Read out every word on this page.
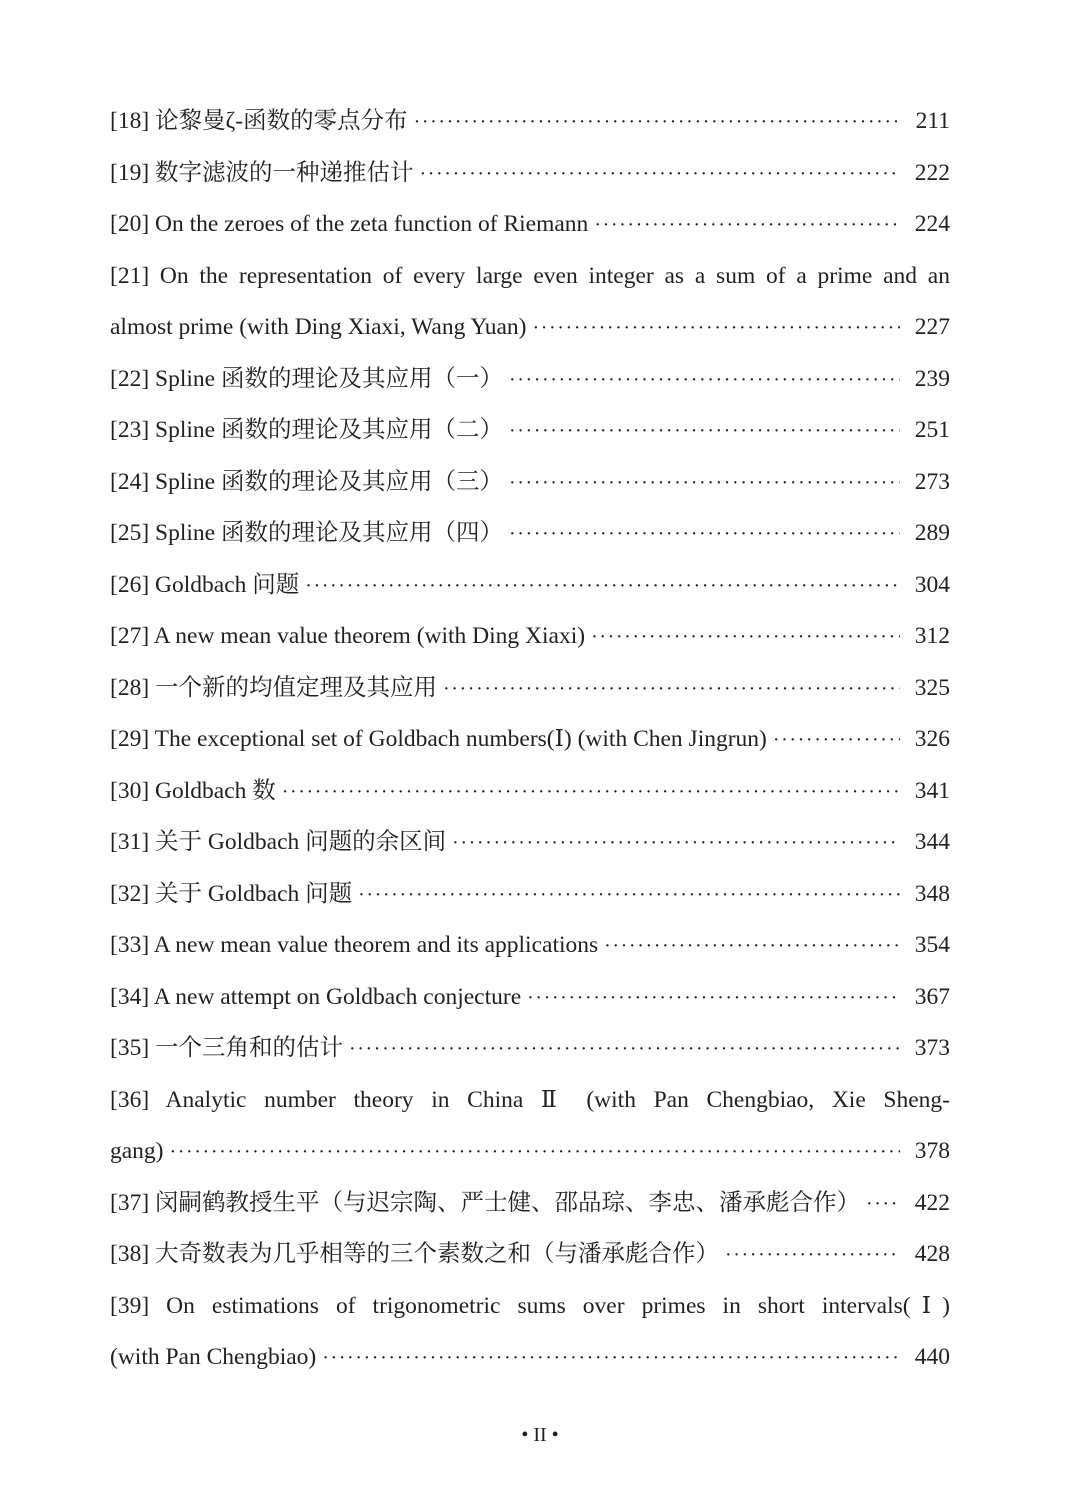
[18] 论黎曼ζ-函数的零点分布 ·····	211
[19] 数字滤波的一种递推估计 ·····	222
[20] On the zeroes of the zeta function of Riemann ·····	224
[21] On the representation of every large even integer as a sum of a prime and an
almost prime (with Ding Xiaxi, Wang Yuan) ·····	227
[22] Spline 函数的理论及其应用（一） ·····	239
[23] Spline 函数的理论及其应用（二） ·····	251
[24] Spline 函数的理论及其应用（三） ·····	273
[25] Spline 函数的理论及其应用（四） ·····	289
[26] Goldbach 问题 ·····	304
[27] A new mean value theorem (with Ding Xiaxi) ·····	312
[28] 一个新的均值定理及其应用 ·····	325
[29] The exceptional set of Goldbach numbers(Ⅰ) (with Chen Jingrun) ·····	326
[30] Goldbach 数 ·····	341
[31] 关于 Goldbach 问题的余区间 ·····	344
[32] 关于 Goldbach 问题 ·····	348
[33] A new mean value theorem and its applications ·····	354
[34] A new attempt on Goldbach conjecture ·····	367
[35] 一个三角和的估计 ·····	373
[36] Analytic number theory in China Ⅱ (with Pan Chengbiao, Xie Sheng-
gang) ·····	378
[37] 闵嗣鹤教授生平（与迟宗陶、严士健、邵品琮、李忠、潘承彪合作） ····· 422
[38] 大奇数表为几乎相等的三个素数之和（与潘承彪合作） ·····	428
[39] On estimations of trigonometric sums over primes in short intervals(Ⅰ)
(with Pan Chengbiao) ·····	440
• II •
